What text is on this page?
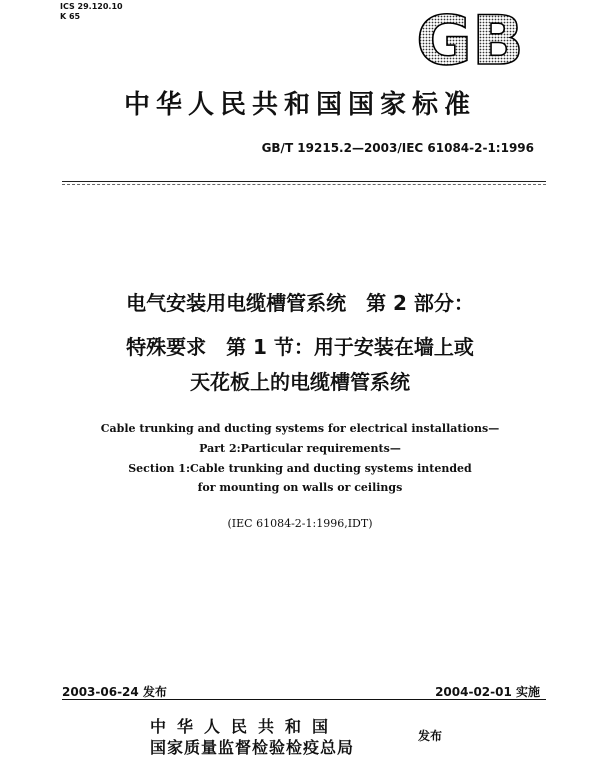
ICS 29.120.10
K 65	GB
中华人民共和国国家标准
GB/T 19215.2—2003/IEC 61084-2-1:1996
电气安装用电缆槽管系统　第 2 部分：
特殊要求　第 1 节：用于安装在墙上或
天花板上的电缆槽管系统
Cable trunking and ducting systems for electrical installations—
Part 2:Particular requirements—
Section 1:Cable trunking and ducting systems intended
for mounting on walls or ceilings
(IEC 61084-2-1:1996,IDT)
2003-06-24 发布	2004-02-01 实施
中华人民共和国
国家质量监督检验检疫总局
发布
